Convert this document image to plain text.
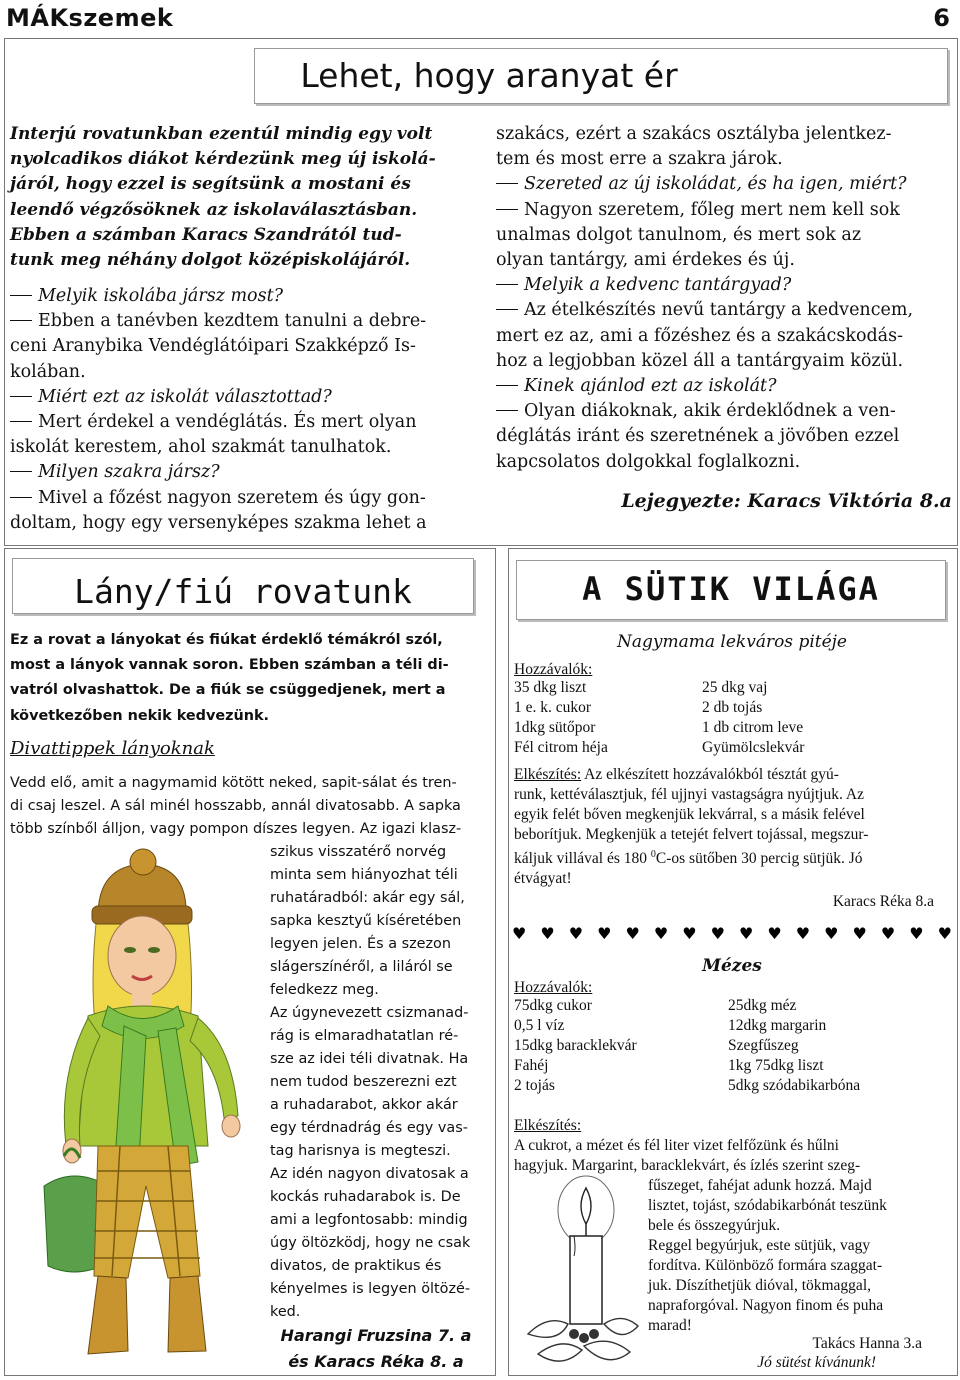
MÁKszemek	6
Lehet, hogy aranyat ér
Interjú rovatunkban ezentúl mindig egy volt
nyolcadikos diákot kérdezünk meg új iskolá-
járól, hogy ezzel is segítsünk a mostani és
leendő végzősöknek az iskolaválasztásban.
Ebben a számban Karacs Szandrától tud-
tunk meg néhány dolgot középiskolájáról.
Melyik iskolába jársz most?
Ebben a tanévben kezdtem tanulni a debre-
ceni Aranybika Vendéglátóipari Szakképző Is-
kolában.
Miért ezt az iskolát választottad?
Mert érdekel a vendéglátás. És mert olyan
iskolát kerestem, ahol szakmát tanulhatok.
Milyen szakra jársz?
Mivel a főzést nagyon szeretem és úgy gon-
doltam, hogy egy versenyképes szakma lehet a
szakács, ezért a szakács osztályba jelentkez-
tem és most erre a szakra járok.
Szereted az új iskoládat, és ha igen, miért?
Nagyon szeretem, főleg mert nem kell sok
unalmas dolgot tanulnom, és mert sok az
olyan tantárgy, ami érdekes és új.
Melyik a kedvenc tantárgyad?
Az ételkészítés nevű tantárgy a kedvencem,
mert ez az, ami a főzéshez és a szakácskodás-
hoz a legjobban közel áll a tantárgyaim közül.
Kinek ajánlod ezt az iskolát?
Olyan diákoknak, akik érdeklődnek a ven-
déglátás iránt és szeretnének a jövőben ezzel
kapcsolatos dolgokkal foglalkozni.
Lejegyezte: Karacs Viktória 8.a
Lány/fiú rovatunk
Ez a rovat a lányokat és fiúkat érdeklő témákról szól,
most a lányok vannak soron. Ebben számban a téli di-
vatról olvashattok. De a fiúk se csüggedjenek, mert a
következőben nekik kedvezünk.
Divattippek lányoknak
Vedd elő, amit a nagymamid kötött neked, sapit-sálat és tren-
di csaj leszel. A sál minél hosszabb, annál divatosabb. A sapka
több színből álljon, vagy pompon díszes legyen. Az igazi klasz-
szikus visszatérő norvég
minta sem hiányozhat téli
ruhatáradból: akár egy sál,
sapka kesztyű kíséretében
legyen jelen. És a szezon
slágerszínéről, a liláról se
feledkezz meg.
Az úgynevezett csizmanad-
rág is elmaradhatatlan ré-
sze az idei téli divatnak. Ha
nem tudod beszerezni ezt
a ruhadarabot, akkor akár
egy térdnadrág és egy vas-
tag harisnya is megteszi.
Az idén nagyon divatosak a
kockás ruhadarabok is. De
ami a legfontosabb: mindig
úgy öltözködj, hogy ne csak
divatos, de praktikus és
kényelmes is legyen öltözé-
ked.
Harangi Fruzsina 7. a
és Karacs Réka 8. a
A SÜTIK VILÁGA
Nagymama lekváros pitéje
Hozzávalók:
35 dkg liszt	25 dkg vaj
1 e. k. cukor	2 db tojás
1dkg sütőpor	1 db citrom leve
Fél citrom héja	Gyümölcslekvár
Elkészítés: Az elkészített hozzávalókból tésztát gyú-
runk, kettéválasztjuk, fél ujjnyi vastagságra nyújtjuk. Az
egyik felét bőven megkenjük lekvárral, s a másik felével
beborítjuk. Megkenjük a tetejét felvert tojással, megszur-
káljuk villával és 180 $^0$C-os sütőben 30 percig sütjük. Jó
étvágyat!
Karacs Réka 8.a
♥ ♥ ♥ ♥ ♥ ♥ ♥ ♥ ♥ ♥ ♥ ♥ ♥ ♥ ♥ ♥
Mézes
Hozzávalók:
75dkg cukor	25dkg méz
0,5 l víz	12dkg margarin
15dkg baracklekvár	Szegfűszeg
Fahéj	1kg 75dkg liszt
2 tojás	5dkg szódabikarbóna
Elkészítés:
A cukrot, a mézet és fél liter vizet felfőzünk és hűlni
hagyjuk. Margarint, baracklekvárt, és ízlés szerint szeg-
fűszeget, fahéjat adunk hozzá. Majd
lisztet, tojást, szódabikarbónát teszünk
bele és összegyúrjuk.
Reggel begyúrjuk, este sütjük, vagy
fordítva. Különböző formára szaggat-
juk. Díszíthetjük dióval, tökmaggal,
napraforgóval. Nagyon finom és puha
marad!
Takács Hanna 3.a
Jó sütést kívánunk!
